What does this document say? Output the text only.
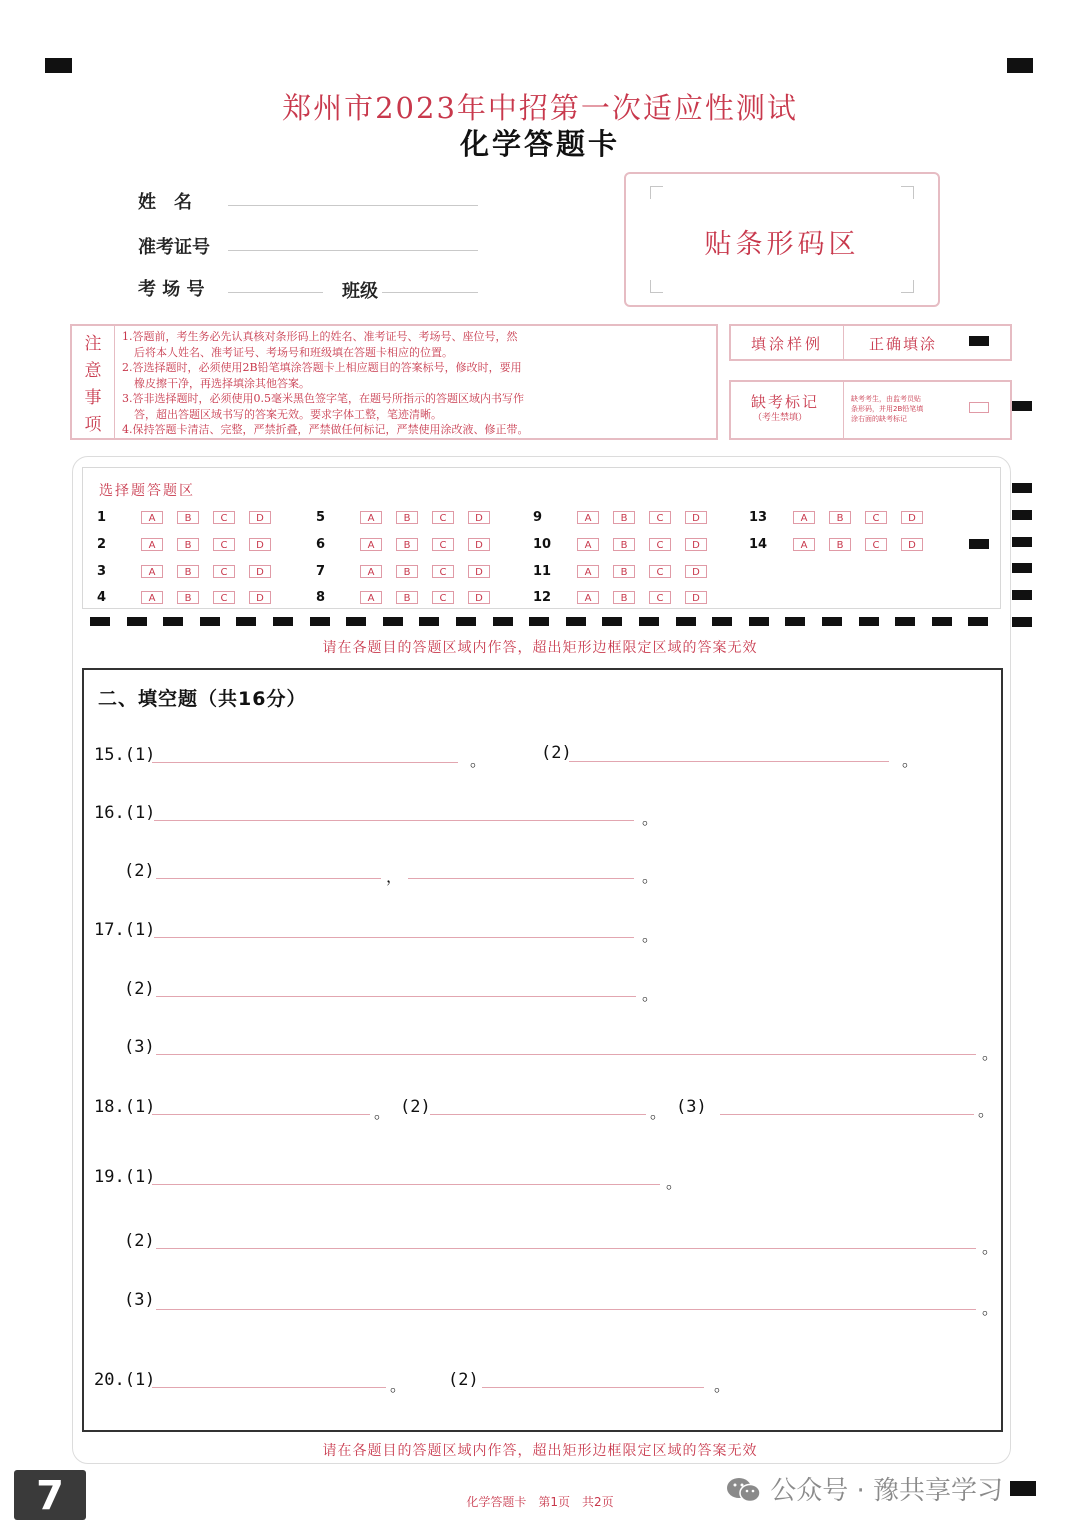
郑州市2023年中招第一次适应性测试
化学答题卡
姓　名
准考证号
考 场 号	班级
贴条形码区
注
意
事
项
1.答题前，考生务必先认真核对条形码上的姓名、准考证号、考场号、座位号，然
后将本人姓名、准考证号、考场号和班级填在答题卡相应的位置。
2.答选择题时，必须使用2B铅笔填涂答题卡上相应题目的答案标号，修改时，要用
橡皮擦干净，再选择填涂其他答案。
3.答非选择题时，必须使用0.5毫米黑色签字笔，在题号所指示的答题区域内书写作
答，超出答题区域书写的答案无效。要求字体工整，笔迹清晰。
4.保持答题卡清洁、完整，严禁折叠，严禁做任何标记，严禁使用涂改液、修正带。
填涂样例	正确填涂
缺考标记
（考生禁填）
缺考考生，由监考员贴
条形码，并用2B铅笔填
涂右面的缺考标记
选择题答题区
1	A	B	C	D
2	A	B	C	D
3	A	B	C	D
4	A	B	C	D
5	A	B	C	D
6	A	B	C	D
7	A	B	C	D
8	A	B	C	D
9	A	B	C	D
10	A	B	C	D
11	A	B	C	D
12	A	B	C	D
13	A	B	C	D
14	A	B	C	D
请在各题目的答题区域内作答，超出矩形边框限定区域的答案无效
二、填空题（共16分）
15.(1)	。	(2)	。
16.(1)	。
(2)	，	。
17.(1)	。
(2)	。
(3)	。
18.(1)	。 (2)	。 (3)	。
19.(1)	。
(2)	。
(3)	。
20.(1)	。 (2)	。
请在各题目的答题区域内作答，超出矩形边框限定区域的答案无效
化学答题卡　第1页　共2页
7	公众号 · 豫共享学习
